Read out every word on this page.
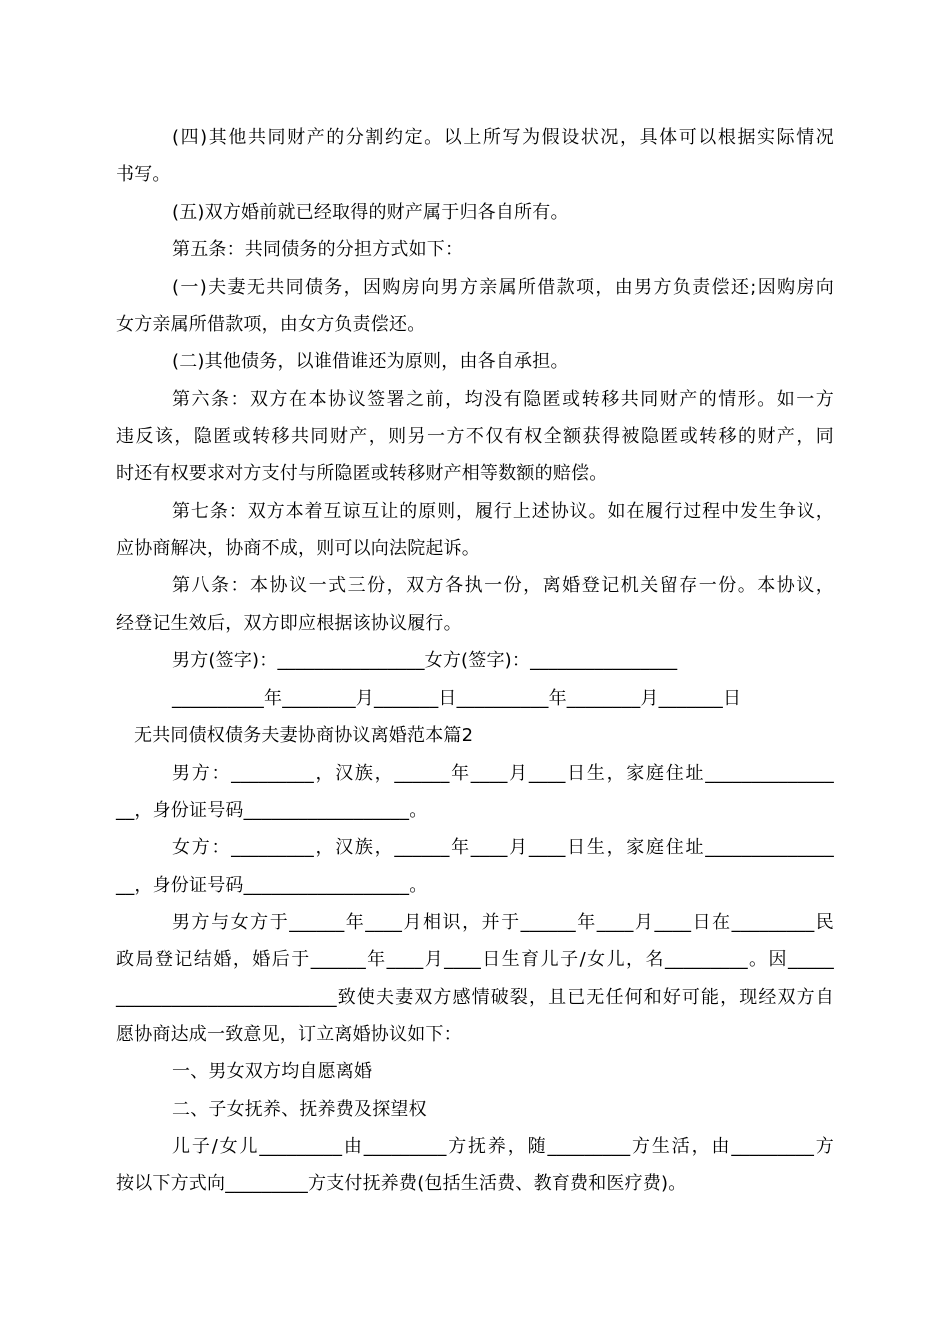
(四)其他共同财产的分割约定。以上所写为假设状况，具体可以根据实际情况
书写。
(五)双方婚前就已经取得的财产属于归各自所有。
第五条：共同债务的分担方式如下：
(一)夫妻无共同债务，因购房向男方亲属所借款项，由男方负责偿还;因购房向
女方亲属所借款项，由女方负责偿还。
(二)其他债务，以谁借谁还为原则，由各自承担。
第六条：双方在本协议签署之前，均没有隐匿或转移共同财产的情形。如一方
违反该，隐匿或转移共同财产，则另一方不仅有权全额获得被隐匿或转移的财产，同
时还有权要求对方支付与所隐匿或转移财产相等数额的赔偿。
第七条：双方本着互谅互让的原则，履行上述协议。如在履行过程中发生争议，
应协商解决，协商不成，则可以向法院起诉。
第八条：本协议一式三份，双方各执一份，离婚登记机关留存一份。本协议，
经登记生效后，双方即应根据该协议履行。
男方(签字)：________________女方(签字)：________________
__________年________月_______日__________年________月_______日
无共同债权债务夫妻协商协议离婚范本篇2
男方：_________，汉族，______年____月____日生，家庭住址______________
__，身份证号码__________________。
女方：_________，汉族，______年____月____日生，家庭住址______________
__，身份证号码__________________。
男方与女方于______年____月相识，并于______年____月____日在_________民
政局登记结婚，婚后于______年____月____日生育儿子/女儿，名_________。因_____
________________________致使夫妻双方感情破裂，且已无任何和好可能，现经双方自
愿协商达成一致意见，订立离婚协议如下：
一、男女双方均自愿离婚
二、子女抚养、抚养费及探望权
儿子/女儿_________由_________方抚养，随_________方生活，由_________方
按以下方式向_________方支付抚养费(包括生活费、教育费和医疗费)。
